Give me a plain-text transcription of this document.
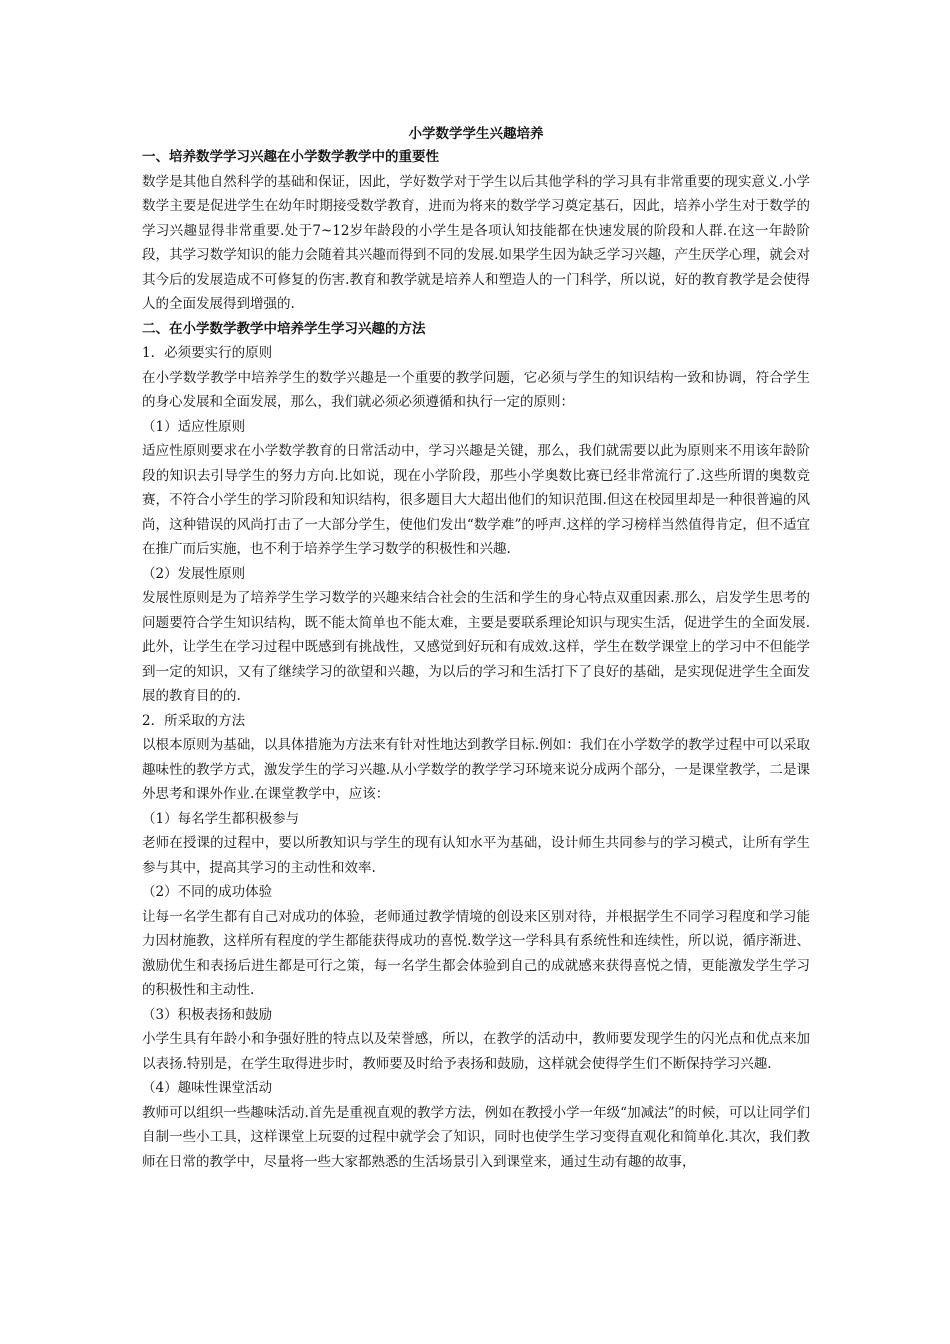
小学数学学生兴趣培养

一、培养数学学习兴趣在小学数学教学中的重要性

数学是其他自然科学的基础和保证，因此，学好数学对于学生以后其他学科的学习具有非常重要的现实意义.小学数学主要是促进学生在幼年时期接受数学教育，进而为将来的数学学习奠定基石，因此，培养小学生对于数学的学习兴趣显得非常重要.处于7~12岁年龄段的小学生是各项认知技能都在快速发展的阶段和人群.在这一年龄阶段，其学习数学知识的能力会随着其兴趣而得到不同的发展.如果学生因为缺乏学习兴趣，产生厌学心理，就会对其今后的发展造成不可修复的伤害.教育和教学就是培养人和塑造人的一门科学，所以说，好的教育教学是会使得人的全面发展得到增强的.

二、在小学数学教学中培养学生学习兴趣的方法

1．必须要实行的原则

在小学数学教学中培养学生的数学兴趣是一个重要的教学问题，它必须与学生的知识结构一致和协调，符合学生的身心发展和全面发展，那么，我们就必须必须遵循和执行一定的原则：

（1）适应性原则

适应性原则要求在小学数学教育的日常活动中，学习兴趣是关键，那么，我们就需要以此为原则来不用该年龄阶段的知识去引导学生的努力方向.比如说，现在小学阶段，那些小学奥数比赛已经非常流行了.这些所谓的奥数竞赛，不符合小学生的学习阶段和知识结构，很多题目大大超出他们的知识范围.但这在校园里却是一种很普遍的风尚，这种错误的风尚打击了一大部分学生，使他们发出“数学难”的呼声.这样的学习榜样当然值得肯定，但不适宜在推广而后实施，也不利于培养学生学习数学的积极性和兴趣.

（2）发展性原则

发展性原则是为了培养学生学习数学的兴趣来结合社会的生活和学生的身心特点双重因素.那么，启发学生思考的问题要符合学生知识结构，既不能太简单也不能太难，主要是要联系理论知识与现实生活，促进学生的全面发展.此外，让学生在学习过程中既感到有挑战性，又感觉到好玩和有成效.这样，学生在数学课堂上的学习中不但能学到一定的知识，又有了继续学习的欲望和兴趣，为以后的学习和生活打下了良好的基础，是实现促进学生全面发展的教育目的的.

2．所采取的方法

以根本原则为基础，以具体措施为方法来有针对性地达到教学目标.例如：我们在小学数学的教学过程中可以采取趣味性的教学方式，激发学生的学习兴趣.从小学数学的教学学习环境来说分成两个部分，一是课堂教学，二是课外思考和课外作业.在课堂教学中，应该：

（1）每名学生都积极参与

老师在授课的过程中，要以所教知识与学生的现有认知水平为基础，设计师生共同参与的学习模式，让所有学生参与其中，提高其学习的主动性和效率.

（2）不同的成功体验

让每一名学生都有自己对成功的体验，老师通过教学情境的创设来区别对待，并根据学生不同学习程度和学习能力因材施教，这样所有程度的学生都能获得成功的喜悦.数学这一学科具有系统性和连续性，所以说，循序渐进、激励优生和表扬后进生都是可行之策，每一名学生都会体验到自己的成就感来获得喜悦之情，更能激发学生学习的积极性和主动性.

（3）积极表扬和鼓励

小学生具有年龄小和争强好胜的特点以及荣誉感，所以，在教学的活动中，教师要发现学生的闪光点和优点来加以表扬.特别是，在学生取得进步时，教师要及时给予表扬和鼓励，这样就会使得学生们不断保持学习兴趣.

（4）趣味性课堂活动

教师可以组织一些趣味活动.首先是重视直观的教学方法，例如在教授小学一年级“加减法”的时候，可以让同学们自制一些小工具，这样课堂上玩耍的过程中就学会了知识，同时也使学生学习变得直观化和简单化.其次，我们教师在日常的教学中，尽量将一些大家都熟悉的生活场景引入到课堂来，通过生动有趣的故事，
